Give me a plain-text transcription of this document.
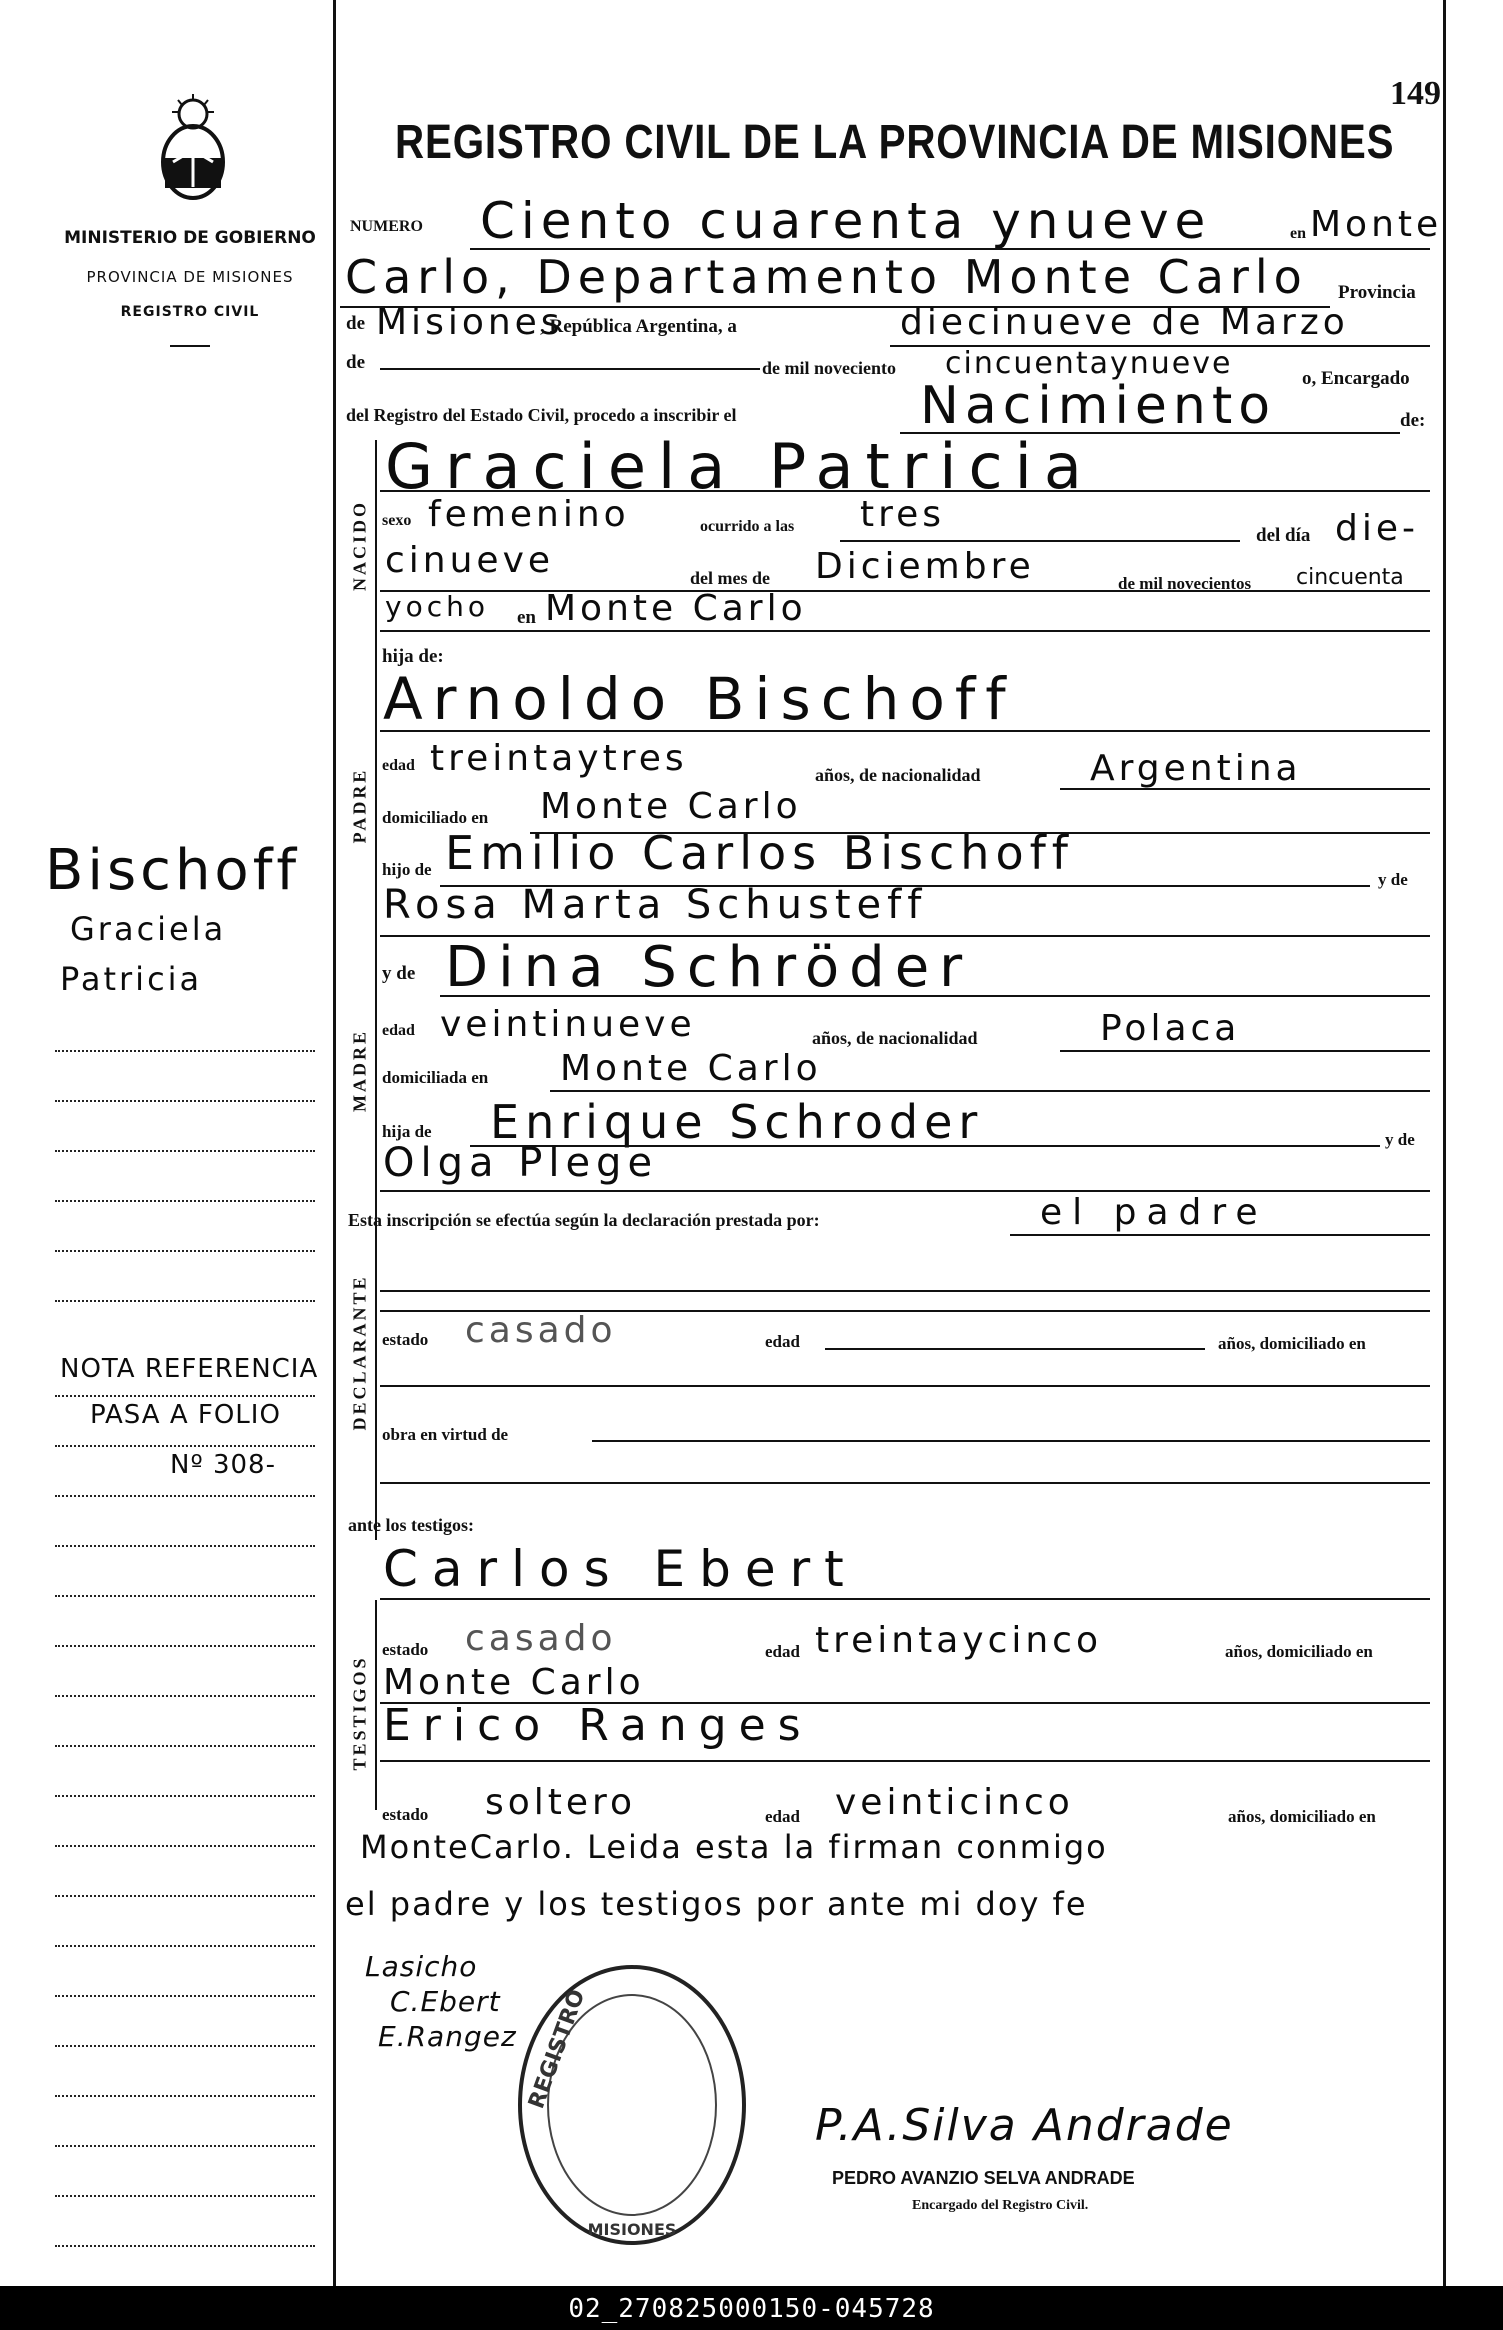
149
MINISTERIO DE GOBIERNO
PROVINCIA DE MISIONES
REGISTRO CIVIL
REGISTRO CIVIL DE LA PROVINCIA DE MISIONES
NACIDO
PADRE
MADRE
DECLARANTE
TESTIGOS
NUMERO Ciento cuarenta ynueve	en Monte
Carlo, Departamento Monte Carlo Provincia
de Misiones
, República Argentina, a	diecinueve de Marzo
de	de mil noveciento cincuentaynueve	o, Encargado
del Registro del Estado Civil, procedo a inscribir el	Nacimiento	de:
Graciela Patricia
sexo femenino	ocurrido a las tres
del día die-
cinueve	del mes de Diciembre	de mil novecientos cincuenta
yocho en Monte Carlo
hija de:
Arnoldo Bischoff
edad treintaytres	años, de nacionalidad	Argentina
domiciliado en Monte Carlo
hijo de Emilio Carlos Bischoff	y de
Rosa Marta Schusteff
y de Dina Schröder
edad veintinueve	años, de nacionalidad	Polaca
domiciliada en Monte Carlo
hija de Enrique Schroder	y de
Olga Plege
Esta inscripción se efectúa según la declaración prestada por:	el padre
estado casado	edad	años, domiciliado en
obra en virtud de
ante los testigos:
Carlos Ebert
estado casado	edad treintaycinco	años, domiciliado en
Monte Carlo
Erico Ranges
estado soltero	edad veinticinco	años, domiciliado en
MonteCarlo. Leida esta la firman conmigo
el padre y los testigos por ante mi doy fe
Lasicho
C.Ebert
E.Rangez REGISTRO
MISIONES
P.A.Silva Andrade
PEDRO AVANZIO SELVA ANDRADE
Encargado del Registro Civil.
Bischoff
Graciela
Patricia
NOTA REFERENCIA
PASA A FOLIO
Nº 308-
02_270825000150-045728
